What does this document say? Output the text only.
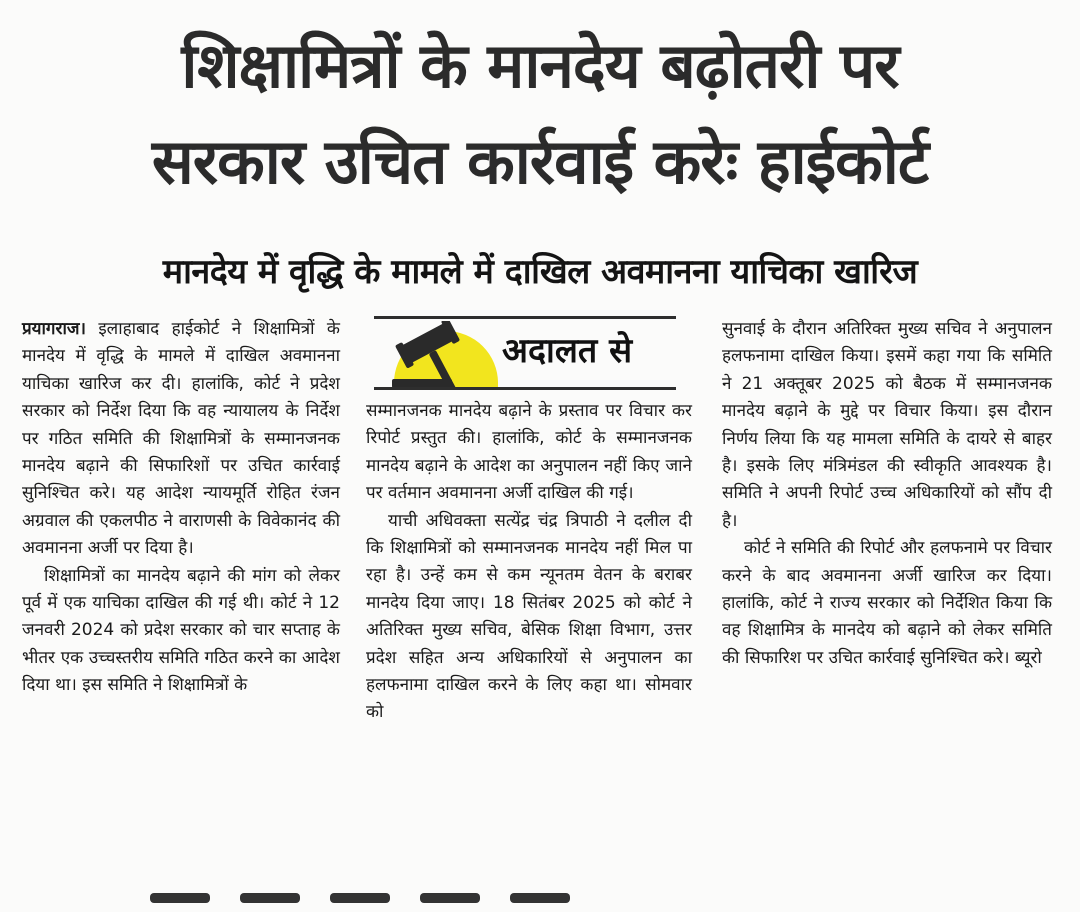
शिक्षामित्रों के मानदेय बढ़ोतरी पर
सरकार उचित कार्रवाई करेः हाईकोर्ट
मानदेय में वृद्धि के मामले में दाखिल अवमानना याचिका खारिज

प्रयागराज। इलाहाबाद हाईकोर्ट ने शिक्षामित्रों के मानदेय में वृद्धि के मामले में दाखिल अवमानना याचिका खारिज कर दी। हालांकि, कोर्ट ने प्रदेश सरकार को निर्देश दिया कि वह न्यायालय के निर्देश पर गठित समिति की शिक्षामित्रों के सम्मानजनक मानदेय बढ़ाने की सिफारिशों पर उचित कार्रवाई सुनिश्चित करे। यह आदेश न्यायमूर्ति रोहित रंजन अग्रवाल की एकलपीठ ने वाराणसी के विवेकानंद की अवमानना अर्जी पर दिया है।

शिक्षामित्रों का मानदेय बढ़ाने की मांग को लेकर पूर्व में एक याचिका दाखिल की गई थी। कोर्ट ने 12 जनवरी 2024 को प्रदेश सरकार को चार सप्ताह के भीतर एक उच्चस्तरीय समिति गठित करने का आदेश दिया था। इस समिति ने शिक्षामित्रों के

अदालत से

सम्मानजनक मानदेय बढ़ाने के प्रस्ताव पर विचार कर रिपोर्ट प्रस्तुत की। हालांकि, कोर्ट के सम्मानजनक मानदेय बढ़ाने के आदेश का अनुपालन नहीं किए जाने पर वर्तमान अवमानना अर्जी दाखिल की गई।

याची अधिवक्ता सत्येंद्र चंद्र त्रिपाठी ने दलील दी कि शिक्षामित्रों को सम्मानजनक मानदेय नहीं मिल पा रहा है। उन्हें कम से कम न्यूनतम वेतन के बराबर मानदेय दिया जाए। 18 सितंबर 2025 को कोर्ट ने अतिरिक्त मुख्य सचिव, बेसिक शिक्षा विभाग, उत्तर प्रदेश सहित अन्य अधिकारियों से अनुपालन का हलफनामा दाखिल करने के लिए कहा था। सोमवार को

सुनवाई के दौरान अतिरिक्त मुख्य सचिव ने अनुपालन हलफनामा दाखिल किया। इसमें कहा गया कि समिति ने 21 अक्तूबर 2025 को बैठक में सम्मानजनक मानदेय बढ़ाने के मुद्दे पर विचार किया। इस दौरान निर्णय लिया कि यह मामला समिति के दायरे से बाहर है। इसके लिए मंत्रिमंडल की स्वीकृति आवश्यक है। समिति ने अपनी रिपोर्ट उच्च अधिकारियों को सौंप दी है।

कोर्ट ने समिति की रिपोर्ट और हलफनामे पर विचार करने के बाद अवमानना अर्जी खारिज कर दिया। हालांकि, कोर्ट ने राज्य सरकार को निर्देशित किया कि वह शिक्षामित्र के मानदेय को बढ़ाने को लेकर समिति की सिफारिश पर उचित कार्रवाई सुनिश्चित करे। ब्यूरो
